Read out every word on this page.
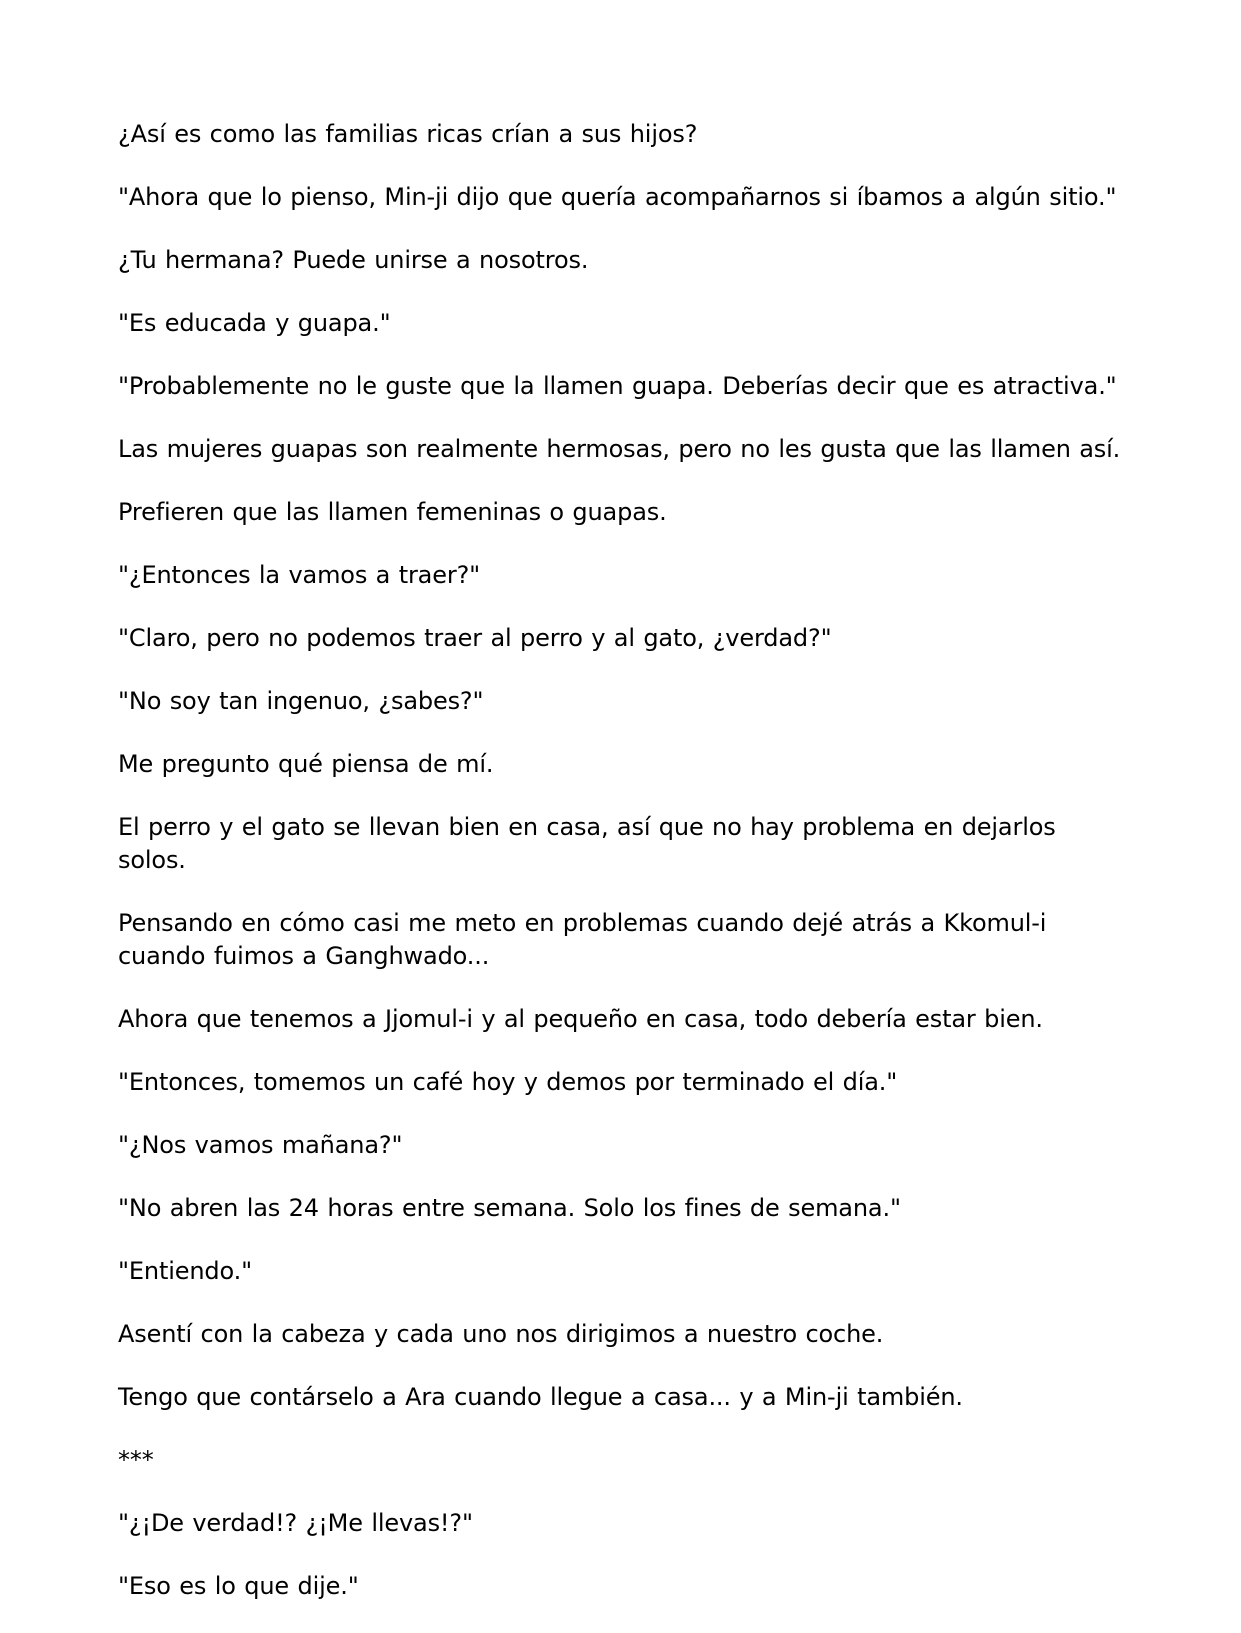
¿Así es como las familias ricas crían a sus hijos?

"Ahora que lo pienso, Min-ji dijo que quería acompañarnos si íbamos a algún sitio."

¿Tu hermana? Puede unirse a nosotros.

"Es educada y guapa."

"Probablemente no le guste que la llamen guapa. Deberías decir que es atractiva."

Las mujeres guapas son realmente hermosas, pero no les gusta que las llamen así.

Prefieren que las llamen femeninas o guapas.

"¿Entonces la vamos a traer?"

"Claro, pero no podemos traer al perro y al gato, ¿verdad?"

"No soy tan ingenuo, ¿sabes?"

Me pregunto qué piensa de mí.

El perro y el gato se llevan bien en casa, así que no hay problema en dejarlos solos.

Pensando en cómo casi me meto en problemas cuando dejé atrás a Kkomul-i cuando fuimos a Ganghwado...

Ahora que tenemos a Jjomul-i y al pequeño en casa, todo debería estar bien.

"Entonces, tomemos un café hoy y demos por terminado el día."

"¿Nos vamos mañana?"

"No abren las 24 horas entre semana. Solo los fines de semana."

"Entiendo."

Asentí con la cabeza y cada uno nos dirigimos a nuestro coche.

Tengo que contárselo a Ara cuando llegue a casa... y a Min-ji también.

***

"¿¡De verdad!? ¿¡Me llevas!?"

"Eso es lo que dije."
